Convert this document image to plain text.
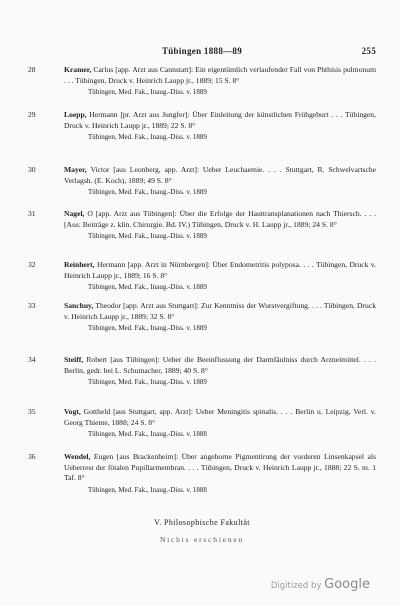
Tübingen 1888—89	255
28	Kramer, Carlus [app. Arzt aus Cannstatt]: Ein eigentümlich verlaufender Fall von Phthisis pulmonum . . . Tübingen, Druck v. Heinrich Laupp jr., 1889; 15 S. 8°
Tübingen, Med. Fak., Inaug.-Diss. v. 1889
29	Loepp, Hermann [pr. Arzt aus Jungfer]: Über Einleitung der künstlichen Frühgeburt . . . Tübingen, Druck v. Heinrich Laupp jr., 1889; 22 S. 8°
Tübingen, Med. Fak., Inaug.-Diss. v. 1889
30	Mayer, Victor [aus Leonberg, app. Arzt]: Ueber Leuchaemie. . . . Stuttgart, R. Schwelvartsche Verlagsh. (E. Koch), 1889; 49 S. 8°
Tübingen, Med. Fak., Inaug.-Diss. v. 1889
31	Nagel, O [app. Arzt aus Tübingen]: Über die Erfolge der Hauttransplanationen nach Thiersch. . . . [Aus: Beiträge z. klin. Chirurgie. Bd. IV.) Tübingen, Druck v. H. Laupp jr., 1889; 24 S. 8°
Tübingen, Med. Fak., Inaug.-Diss. v. 1889
32	Reinhert, Hermann [app. Arzt in Nürnbergen]: Über Endometritis polyposa. . . . Tübingen, Druck v. Heinrich Laupp jr., 1889; 16 S. 8°
Tübingen, Med. Fak., Inaug.-Diss. v. 1889
33	Sanchuy, Theodor [app. Arzt aus Stuttgart]: Zur Kenntniss der Wurstvergiftung. . . . Tübingen, Druck v. Heinrich Laupp jr., 1889; 32 S. 8°
Tübingen, Med. Fak., Inaug.-Diss. v. 1889
34	Steiff, Robert [aus Tübingen]: Ueber die Beeinflussung der Darmfäulniss durch Arzneimittel. . . . Berlin, gedr. bei L. Schumacher, 1889; 40 S. 8°
Tübingen, Med. Fak., Inaug.-Diss. v. 1889
35	Vogt, Gottheld [aus Stuttgart, app. Arzt]: Ueber Meningitis spinalis. . . . Berlin u. Leipzig, Verl. v. Georg Thieme, 1888; 24 S. 8°
Tübingen, Med. Fak., Inaug.-Diss. v. 1888
36	Wendel, Eugen [aus Brackenheim]: Über angeborne Pigmentirung der vorderen Linsenkapsel als Ueberrest der fötalen Pupillarmembran. . . . Tübingen, Druck v. Heinrich Laupp jr., 1888; 22 S. m. 1 Taf. 8°
Tübingen, Med. Fak., Inaug.-Diss. v. 1888
V. Philosophische Fakultät
Nichts erschienen
Digitized by Google
